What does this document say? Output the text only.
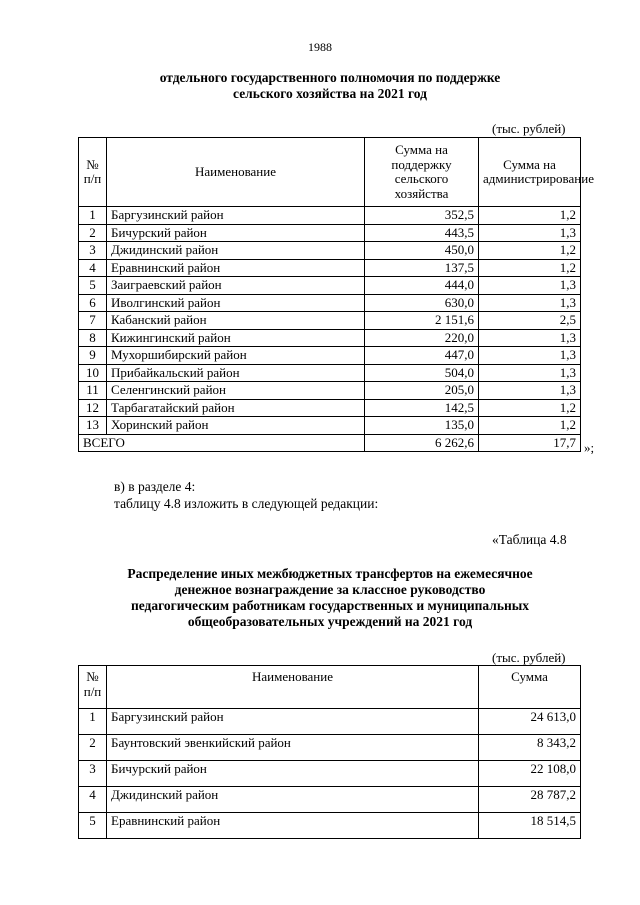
1988
отдельного государственного полномочия по поддержке
сельского хозяйства на 2021 год
(тыс. рублей)
№ п/п	Наименование	Сумма на поддержку сельского хозяйства	Сумма на администрирование
1	Баргузинский район	352,5	1,2
2	Бичурский район	443,5	1,3
3	Джидинский район	450,0	1,2
4	Еравнинский район	137,5	1,2
5	Заиграевский район	444,0	1,3
6	Иволгинский район	630,0	1,3
7	Кабанский район	2 151,6	2,5
8	Кижингинский район	220,0	1,3
9	Мухоршибирский район	447,0	1,3
10	Прибайкальский район	504,0	1,3
11	Селенгинский район	205,0	1,3
12	Тарбагатайский район	142,5	1,2
13	Хоринский район	135,0	1,2
ВСЕГО		6 262,6	17,7 »;
в) в разделе 4:
таблицу 4.8 изложить в следующей редакции:
«Таблица 4.8
Распределение иных межбюджетных трансфертов на ежемесячное
денежное вознаграждение за классное руководство
педагогическим работникам государственных и муниципальных
общеобразовательных учреждений на 2021 год
(тыс. рублей)
№ п/п	Наименование	Сумма
1	Баргузинский район	24 613,0
2	Баунтовский эвенкийский район	8 343,2
3	Бичурский район	22 108,0
4	Джидинский район	28 787,2
5	Еравнинский район	18 514,5
